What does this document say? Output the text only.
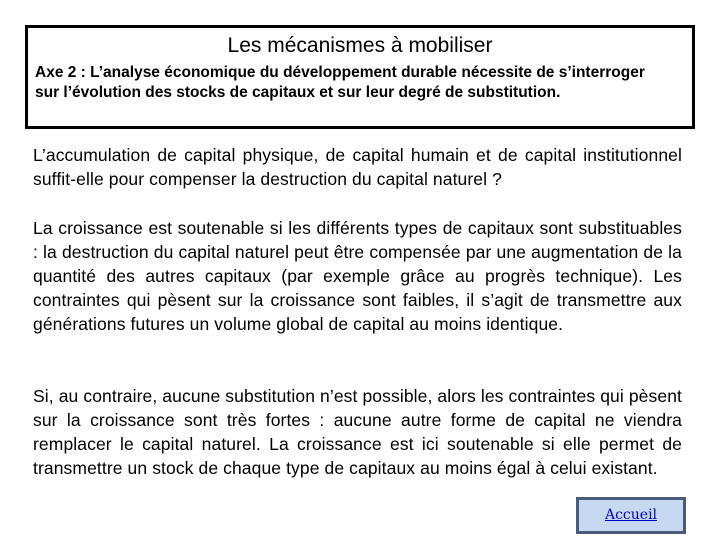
Les mécanismes à mobiliser
Axe 2 : L’analyse économique du développement durable nécessite de s’interroger sur l’évolution des stocks de capitaux et sur leur degré de substitution.
L’accumulation de capital physique, de capital humain et de capital institutionnel suffit-elle pour compenser la destruction du capital naturel ?
La croissance est soutenable si les différents types de capitaux sont substituables : la destruction du capital naturel peut être compensée par une augmentation de la quantité des autres capitaux (par exemple grâce au progrès technique). Les contraintes qui pèsent sur la croissance sont faibles, il s’agit de transmettre aux générations futures un volume global de capital au moins identique.
Si, au contraire, aucune substitution n’est possible, alors les contraintes qui pèsent sur la croissance sont très fortes : aucune autre forme de capital ne viendra remplacer le capital naturel. La croissance est ici soutenable si elle permet de transmettre un stock de chaque type de capitaux au moins égal à celui existant.
Accueil
